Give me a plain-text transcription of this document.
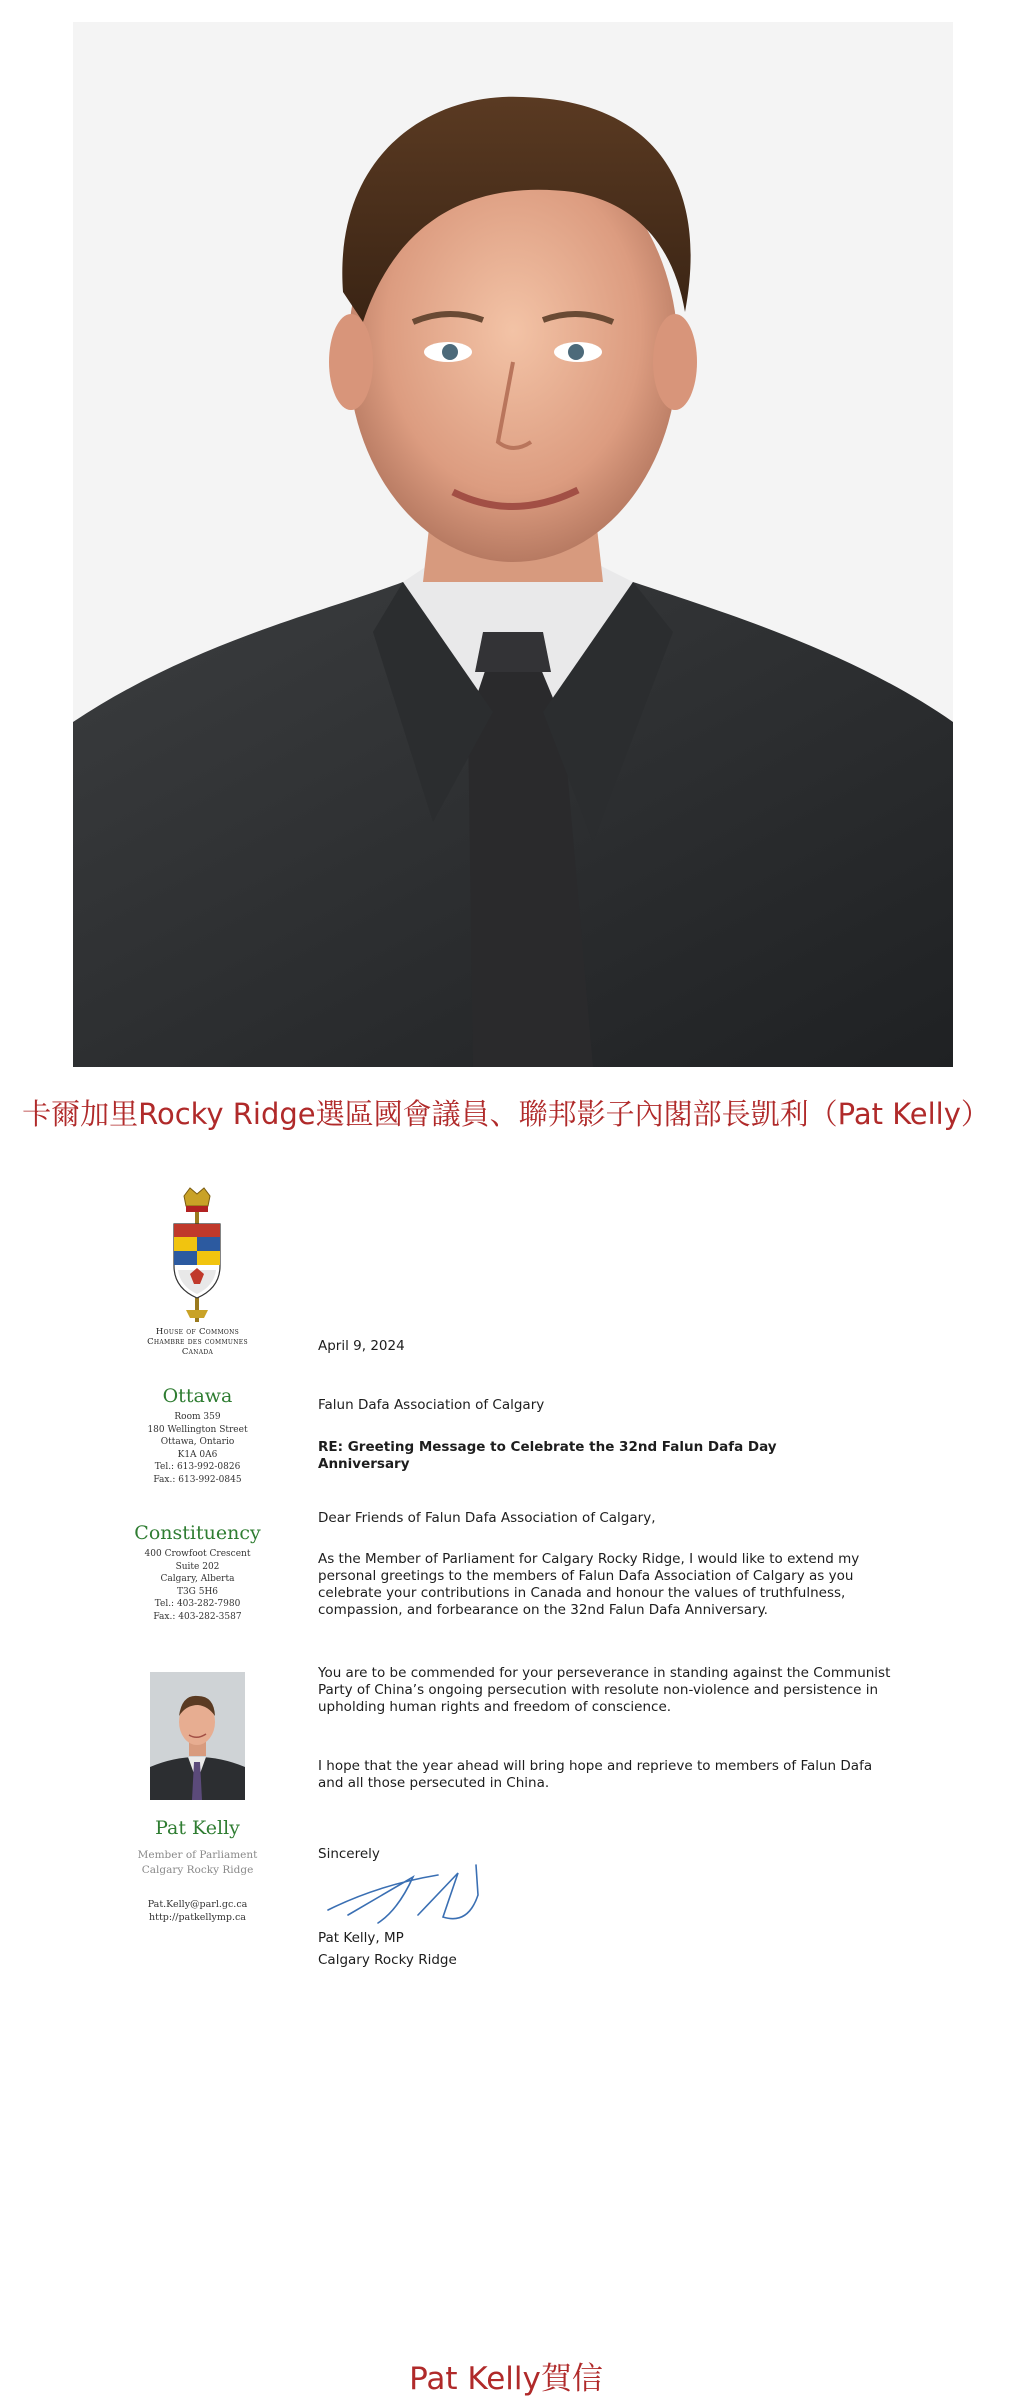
卡爾加里Rocky Ridge選區國會議員、聯邦影子內閣部長凱利（Pat Kelly）
House of Commons
Chambre des communes
Canada
Ottawa
Room 359
180 Wellington Street
Ottawa, Ontario
K1A 0A6
Tel.: 613-992-0826
Fax.: 613-992-0845
Constituency
400 Crowfoot Crescent
Suite 202
Calgary, Alberta
T3G 5H6
Tel.: 403-282-7980
Fax.: 403-282-3587
Pat Kelly
Member of Parliament
Calgary Rocky Ridge
Pat.Kelly@parl.gc.ca
http://patkellymp.ca
April 9, 2024
Falun Dafa Association of Calgary
RE: Greeting Message to Celebrate the 32nd Falun Dafa Day Anniversary
Dear Friends of Falun Dafa Association of Calgary,
As the Member of Parliament for Calgary Rocky Ridge, I would like to extend my personal greetings to the members of Falun Dafa Association of Calgary as you celebrate your contributions in Canada and honour the values of truthfulness, compassion, and forbearance on the 32nd Falun Dafa Anniversary.
You are to be commended for your perseverance in standing against the Communist Party of China’s ongoing persecution with resolute non-violence and persistence in upholding human rights and freedom of conscience.
I hope that the year ahead will bring hope and reprieve to members of Falun Dafa and all those persecuted in China.
Sincerely
Pat Kelly, MP
Calgary Rocky Ridge
Pat Kelly賀信
